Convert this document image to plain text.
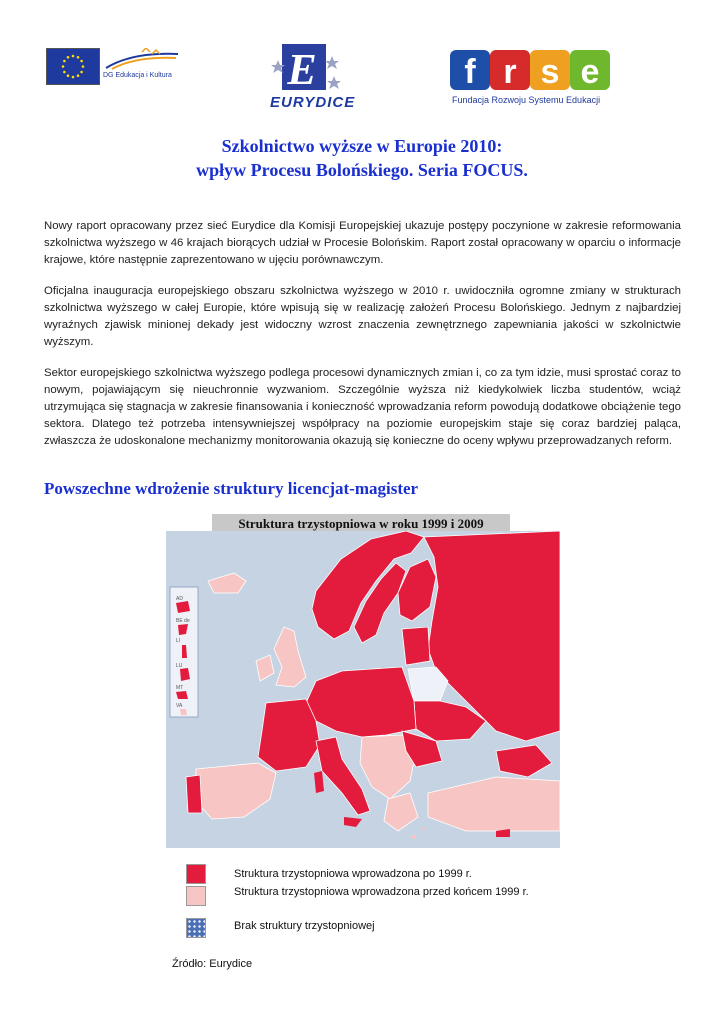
DG Edukacja i Kultura	E
EURYDICE
f r s e
Fundacja Rozwoju Systemu Edukacji
Szkolnictwo wyższe w Europie 2010:
wpływ Procesu Bolońskiego. Seria FOCUS.
Nowy raport opracowany przez sieć Eurydice dla Komisji Europejskiej ukazuje postępy poczynione w zakresie reformowania szkolnictwa wyższego w 46 krajach biorących udział w Procesie Bolońskim. Raport został opracowany w oparciu o informacje krajowe, które następnie zaprezentowano w ujęciu porównawczym.
Oficjalna inauguracja europejskiego obszaru szkolnictwa wyższego w 2010 r. uwidoczniła ogromne zmiany w strukturach szkolnictwa wyższego w całej Europie, które wpisują się w realizację założeń Procesu Bolońskiego. Jednym z najbardziej wyraźnych zjawisk minionej dekady jest widoczny wzrost znaczenia zewnętrznego zapewniania jakości w szkolnictwie wyższym.
Sektor europejskiego szkolnictwa wyższego podlega procesowi dynamicznych zmian i, co za tym idzie, musi sprostać coraz to nowym, pojawiającym się nieuchronnie wyzwaniom. Szczególnie wyższa niż kiedykolwiek liczba studentów, wciąż utrzymująca się stagnacja w zakresie finansowania i konieczność wprowadzania reform powodują dodatkowe obciążenie tego sektora. Dlatego też potrzeba intensywniejszej współpracy na poziomie europejskim staje się coraz bardziej paląca, zwłaszcza że udoskonalone mechanizmy monitorowania okazują się konieczne do oceny wpływu przeprowadzanych reform.
Powszechne wdrożenie struktury licencjat-magister
Struktura trzystopniowa w roku 1999 i 2009
AD
BE de
LI
LU
MT
VA
Struktura trzystopniowa wprowadzona po 1999 r.
Struktura trzystopniowa wprowadzona przed końcem 1999 r.
Brak struktury trzystopniowej
Źródło: Eurydice
